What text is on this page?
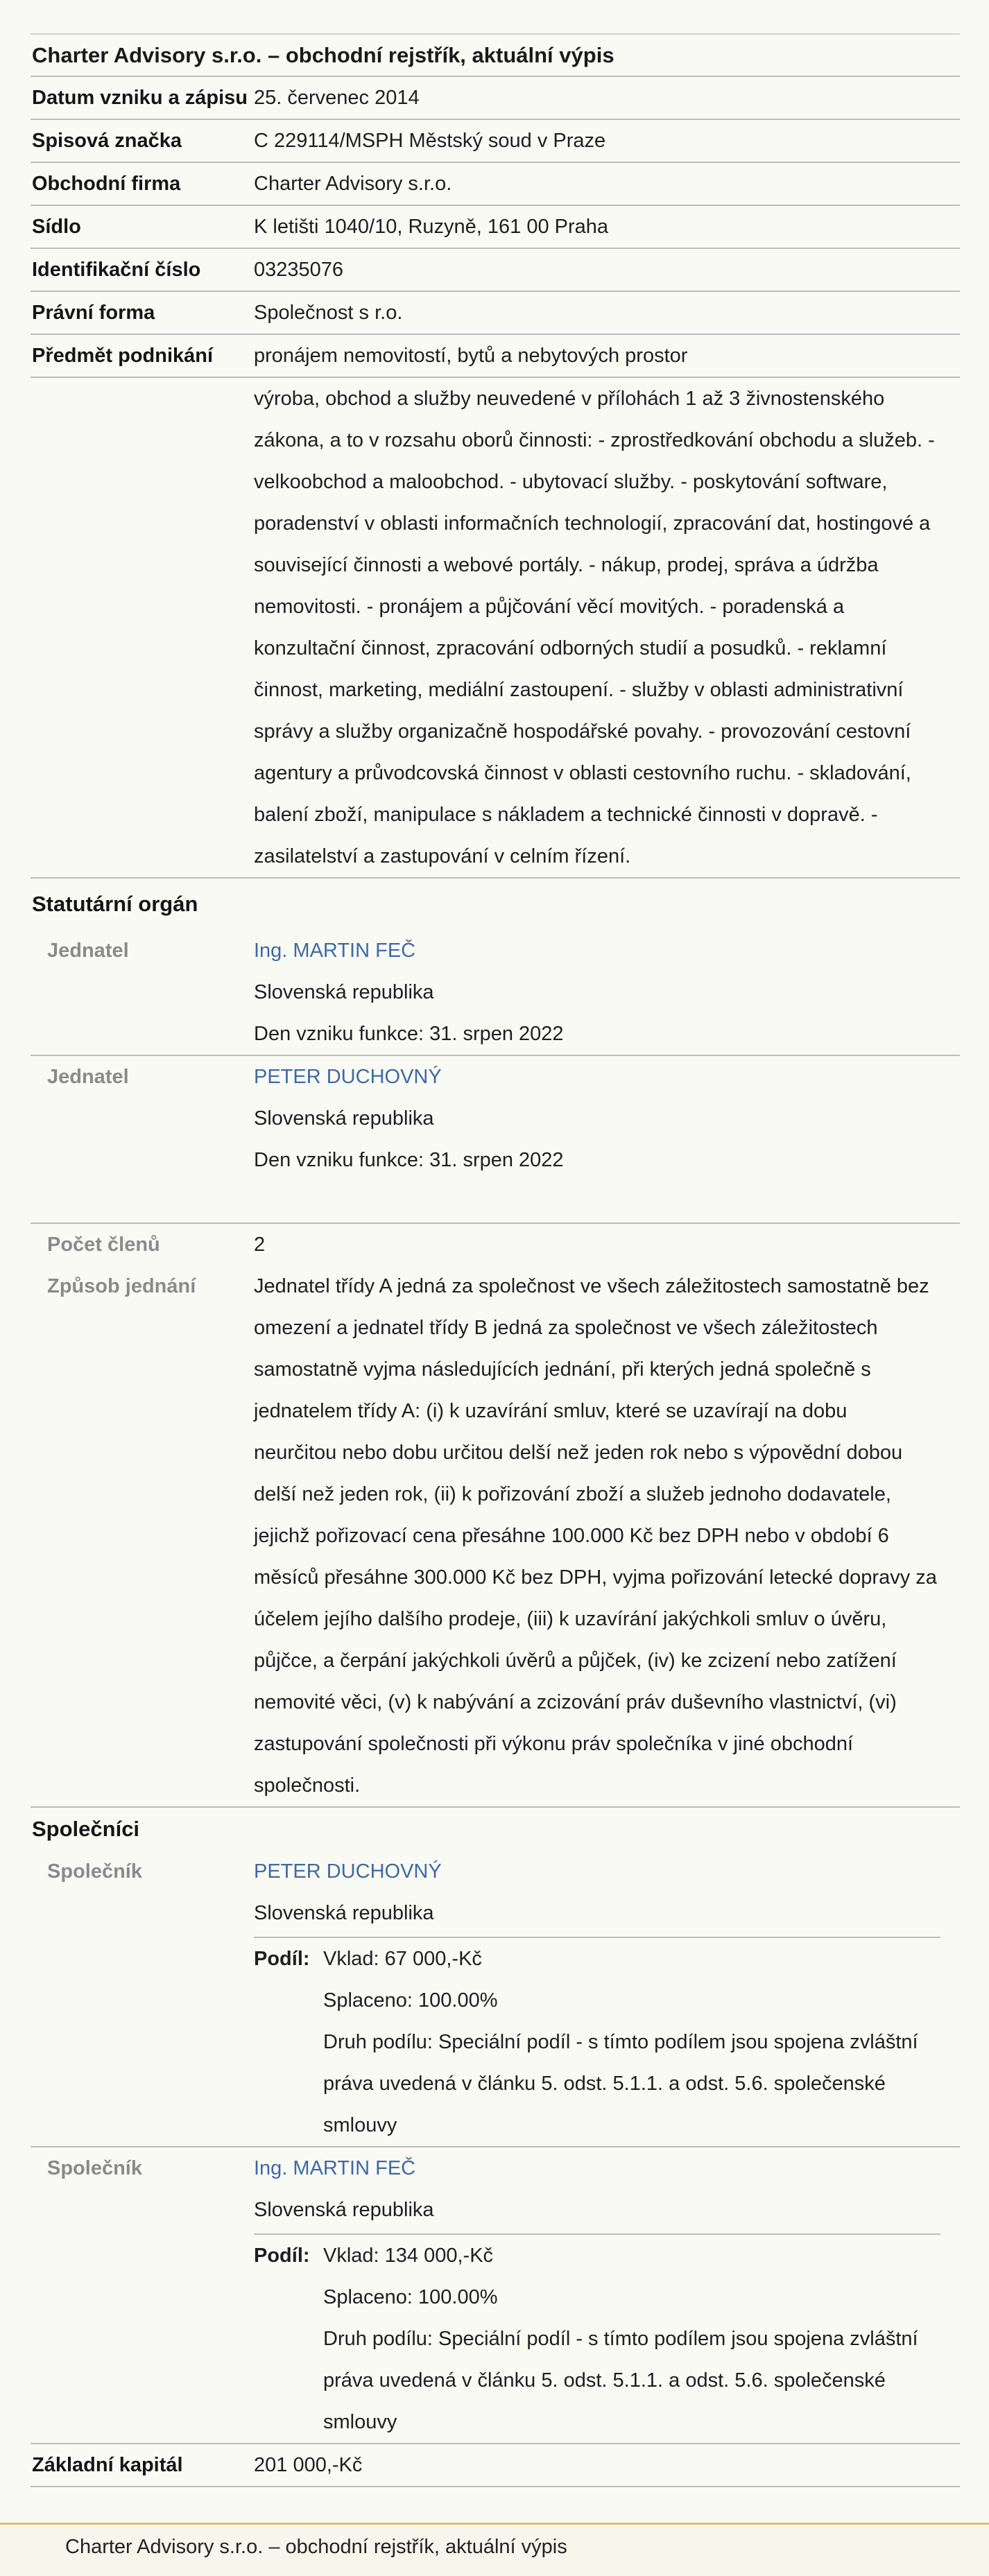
Charter Advisory s.r.o. – obchodní rejstřík, aktuální výpis
Datum vzniku a zápisu 25. červenec 2014
Spisová značka	C 229114/MSPH Městský soud v Praze
Obchodní firma	Charter Advisory s.r.o.
Sídlo	K letišti 1040/10, Ruzyně, 161 00 Praha
Identifikační číslo	03235076
Právní forma	Společnost s r.o.
Předmět podnikání	pronájem nemovitostí, bytů a nebytových prostor
výroba, obchod a služby neuvedené v přílohách 1 až 3 živnostenského
zákona, a to v rozsahu oborů činnosti: - zprostředkování obchodu a služeb. -
velkoobchod a maloobchod. - ubytovací služby. - poskytování software,
poradenství v oblasti informačních technologií, zpracování dat, hostingové a
související činnosti a webové portály. - nákup, prodej, správa a údržba
nemovitosti. - pronájem a půjčování věcí movitých. - poradenská a
konzultační činnost, zpracování odborných studií a posudků. - reklamní
činnost, marketing, mediální zastoupení. - služby v oblasti administrativní
správy a služby organizačně hospodářské povahy. - provozování cestovní
agentury a průvodcovská činnost v oblasti cestovního ruchu. - skladování,
balení zboží, manipulace s nákladem a technické činnosti v dopravě. -
zasilatelství a zastupování v celním řízení.
Statutární orgán
Jednatel	Ing. MARTIN FEČ
Slovenská republika
Den vzniku funkce: 31. srpen 2022
Jednatel	PETER DUCHOVNÝ
Slovenská republika
Den vzniku funkce: 31. srpen 2022
Počet členů	2
Způsob jednání	Jednatel třídy A jedná za společnost ve všech záležitostech samostatně bez
omezení a jednatel třídy B jedná za společnost ve všech záležitostech
samostatně vyjma následujících jednání, při kterých jedná společně s
jednatelem třídy A: (i) k uzavírání smluv, které se uzavírají na dobu
neurčitou nebo dobu určitou delší než jeden rok nebo s výpovědní dobou
delší než jeden rok, (ii) k pořizování zboží a služeb jednoho dodavatele,
jejichž pořizovací cena přesáhne 100.000 Kč bez DPH nebo v období 6
měsíců přesáhne 300.000 Kč bez DPH, vyjma pořizování letecké dopravy za
účelem jejího dalšího prodeje, (iii) k uzavírání jakýchkoli smluv o úvěru,
půjčce, a čerpání jakýchkoli úvěrů a půjček, (iv) ke zcizení nebo zatížení
nemovité věci, (v) k nabývání a zcizování práv duševního vlastnictví, (vi)
zastupování společnosti při výkonu práv společníka v jiné obchodní
společnosti.
Společníci
Společník	PETER DUCHOVNÝ
Slovenská republika
Podíl: Vklad: 67 000,-Kč
Splaceno: 100.00%
Druh podílu: Speciální podíl - s tímto podílem jsou spojena zvláštní
práva uvedená v článku 5. odst. 5.1.1. a odst. 5.6. společenské
smlouvy
Společník	Ing. MARTIN FEČ
Slovenská republika
Podíl: Vklad: 134 000,-Kč
Splaceno: 100.00%
Druh podílu: Speciální podíl - s tímto podílem jsou spojena zvláštní
práva uvedená v článku 5. odst. 5.1.1. a odst. 5.6. společenské
smlouvy
Základní kapitál	201 000,-Kč
Charter Advisory s.r.o. – obchodní rejstřík, aktuální výpis
